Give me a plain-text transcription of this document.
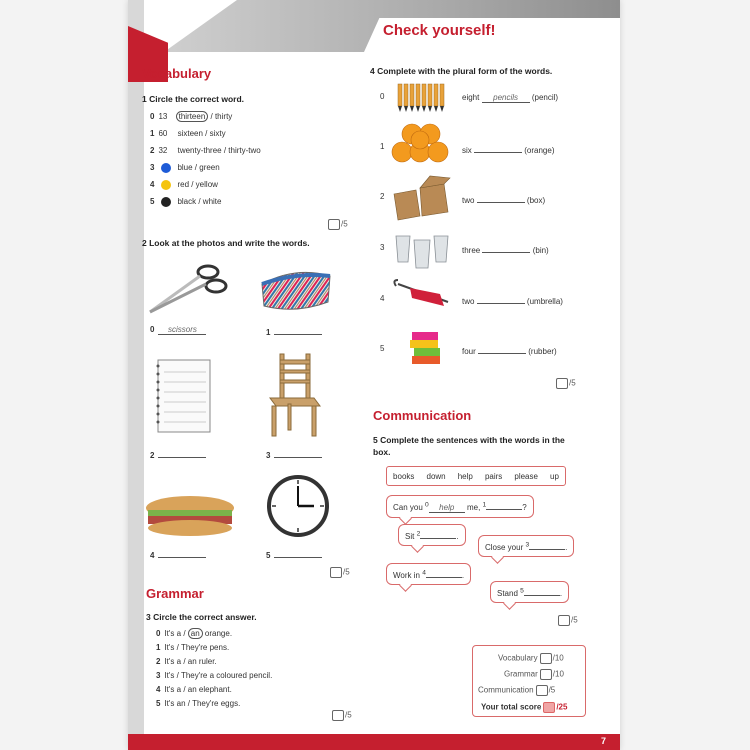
Check yourself!
Vocabulary
1 Circle the correct word.
0 13 thirteen / thirty
1 60 sixteen / sixty
2 32 twenty-three / thirty-two
3	blue / green
4	red / yellow
5	black / white
/5
2 Look at the photos and write the words.
0 scissors	1
2	3
4	5
/5
Grammar
3 Circle the correct answer.
0 It's a / an orange.
1 It's / They're pens.
2 It's a / an ruler.
3 It's / They're a coloured pencil.
4 It's a / an elephant.
5 It's an / They're eggs.
/5
4 Complete with the plural form of the words.
0	eight pencils (pencil)
1	six	(orange)
2	two	(box)
3	three	(bin)
4	two	(umbrella)
5	four	(rubber)
/5
Communication
5 Complete the sentences with the words in the box.
books down help pairs please up
Can you $^0$ help me, $^1$	?
Sit $^2$	.
Close your $^3$	.
Work in $^4$	.
Stand $^5$	.
/5
Vocabulary /10
Grammar /10
Communication /5
Your total score /25
7
